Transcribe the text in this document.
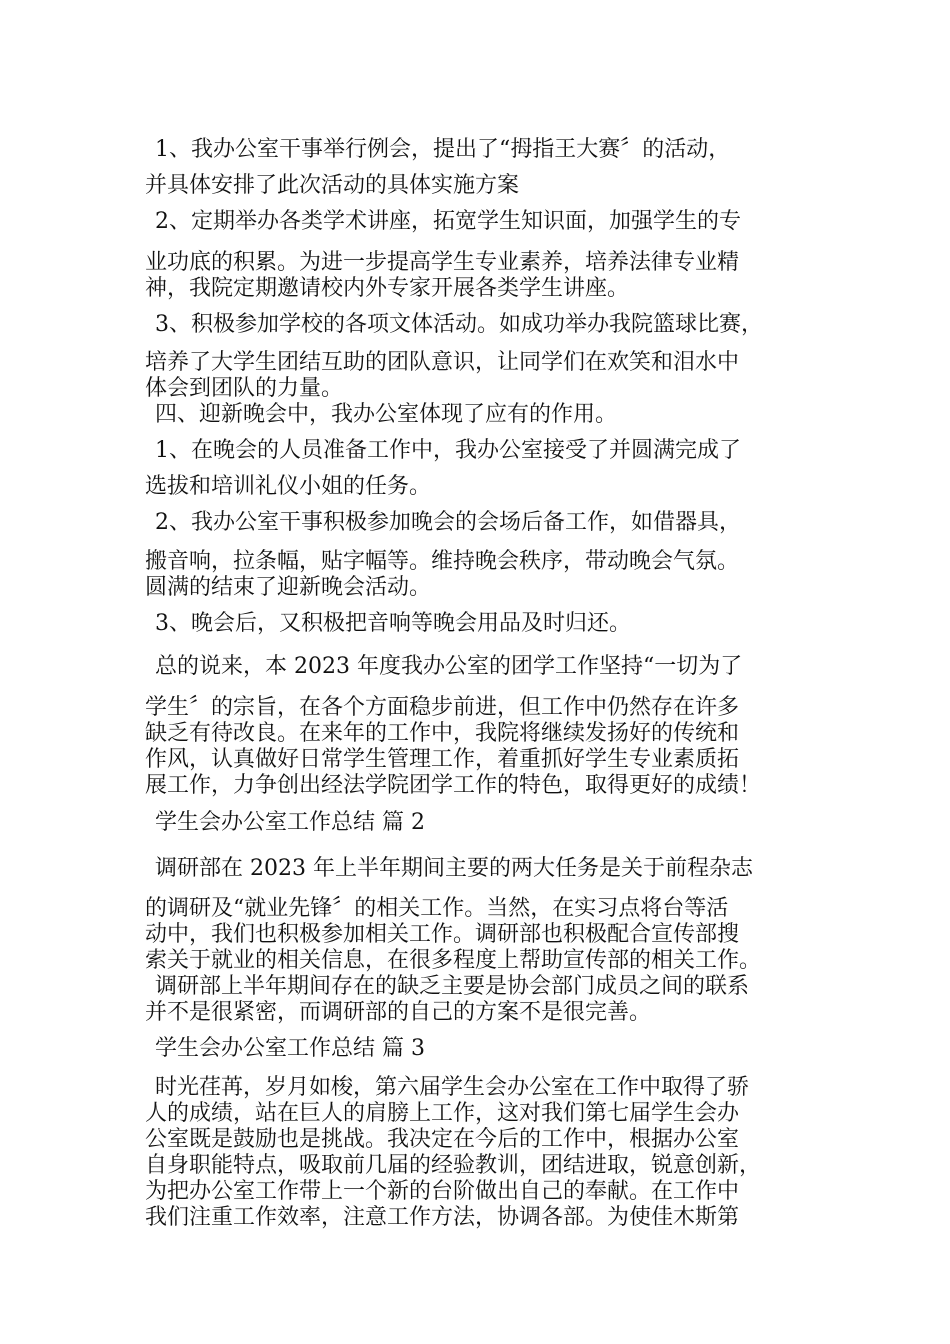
1、我办公室干事举行例会，提出了“拇指王大赛〞的活动，

并具体安排了此次活动的具体实施方案

2、定期举办各类学术讲座，拓宽学生知识面，加强学生的专

业功底的积累。为进一步提高学生专业素养，培养法律专业精

神，我院定期邀请校内外专家开展各类学生讲座。

3、积极参加学校的各项文体活动。如成功举办我院篮球比赛，

培养了大学生团结互助的团队意识，让同学们在欢笑和泪水中

体会到团队的力量。

四、迎新晚会中，我办公室体现了应有的作用。

1、在晚会的人员准备工作中，我办公室接受了并圆满完成了

选拔和培训礼仪小姐的任务。

2、我办公室干事积极参加晚会的会场后备工作，如借器具，

搬音响，拉条幅，贴字幅等。维持晚会秩序，带动晚会气氛。

圆满的结束了迎新晚会活动。

3、晚会后，又积极把音响等晚会用品及时归还。

总的说来，本 2023 年度我办公室的团学工作坚持“一切为了

学生〞的宗旨，在各个方面稳步前进，但工作中仍然存在许多

缺乏有待改良。在来年的工作中，我院将继续发扬好的传统和

作风，认真做好日常学生管理工作，着重抓好学生专业素质拓

展工作，力争创出经法学院团学工作的特色，取得更好的成绩！

学生会办公室工作总结 篇 2

调研部在 2023 年上半年期间主要的两大任务是关于前程杂志

的调研及“就业先锋〞的相关工作。当然，在实习点将台等活

动中，我们也积极参加相关工作。调研部也积极配合宣传部搜

索关于就业的相关信息，在很多程度上帮助宣传部的相关工作。

调研部上半年期间存在的缺乏主要是协会部门成员之间的联系

并不是很紧密，而调研部的自己的方案不是很完善。

学生会办公室工作总结 篇 3

时光荏苒，岁月如梭，第六届学生会办公室在工作中取得了骄

人的成绩，站在巨人的肩膀上工作，这对我们第七届学生会办

公室既是鼓励也是挑战。我决定在今后的工作中，根据办公室

自身职能特点，吸取前几届的经验教训，团结进取，锐意创新，

为把办公室工作带上一个新的台阶做出自己的奉献。在工作中

我们注重工作效率，注意工作方法，协调各部。为使佳木斯第
